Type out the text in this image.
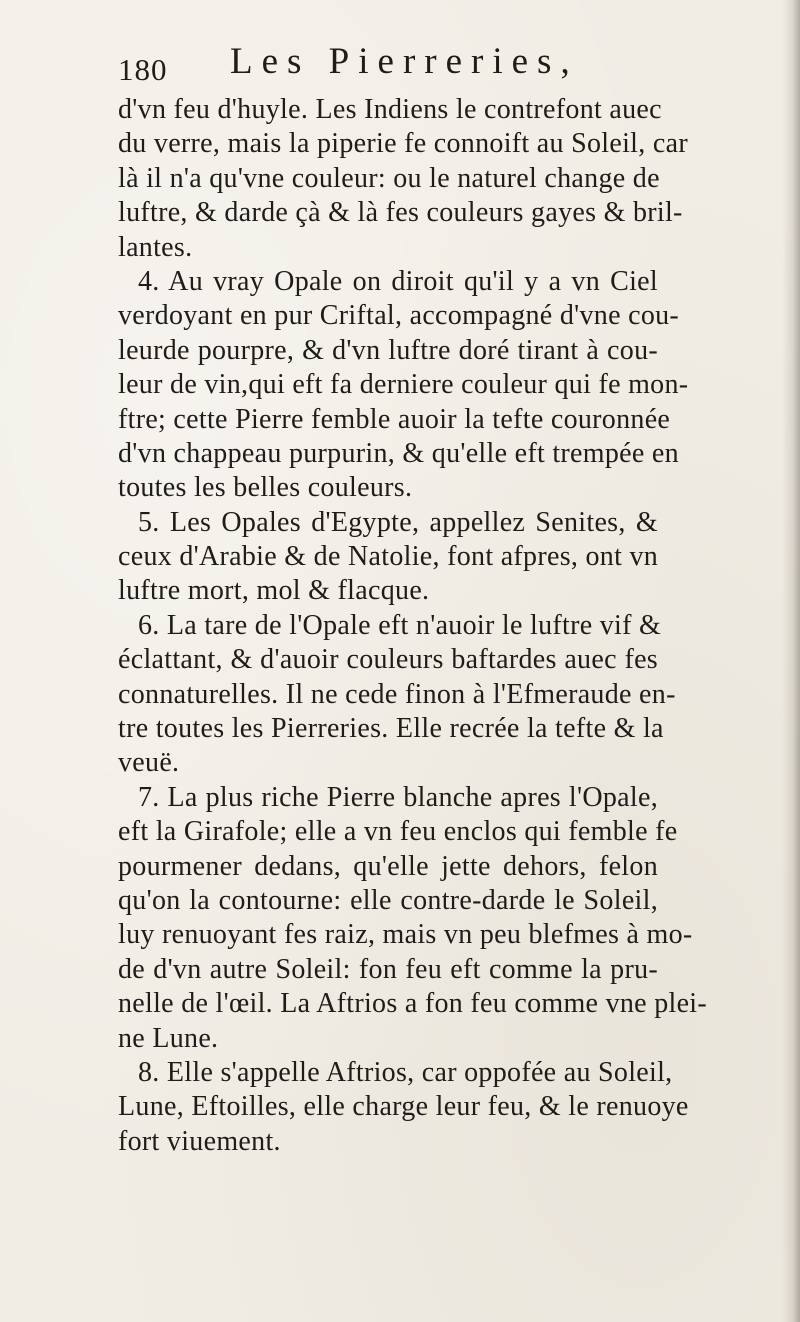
180 Les Pierreries,
d'vn feu d'huyle. Les Indiens le contrefont auec
du verre, mais la piperie fe connoift au Soleil, car
là il n'a qu'vne couleur: ou le naturel change de
luftre, & darde çà & là fes couleurs gayes & bril-
lantes.
4. Au vray Opale on diroit qu'il y a vn Ciel
verdoyant en pur Criftal, accompagné d'vne cou-
leurde pourpre, & d'vn luftre doré tirant à cou-
leur de vin,qui eft fa derniere couleur qui fe mon-
ftre; cette Pierre femble auoir la tefte couronnée
d'vn chappeau purpurin, & qu'elle eft trempée en
toutes les belles couleurs.
5. Les Opales d'Egypte, appellez Senites, &
ceux d'Arabie & de Natolie, font afpres, ont vn
luftre mort, mol & flacque.
6. La tare de l'Opale eft n'auoir le luftre vif &
éclattant, & d'auoir couleurs baftardes auec fes
connaturelles. Il ne cede finon à l'Efmeraude en-
tre toutes les Pierreries. Elle recrée la tefte & la
veuë.
7. La plus riche Pierre blanche apres l'Opale,
eft la Girafole; elle a vn feu enclos qui femble fe
pourmener dedans, qu'elle jette dehors, felon
qu'on la contourne: elle contre-darde le Soleil,
luy renuoyant fes raiz, mais vn peu blefmes à mo-
de d'vn autre Soleil: fon feu eft comme la pru-
nelle de l'œil. La Aftrios a fon feu comme vne plei-
ne Lune.
8. Elle s'appelle Aftrios, car oppofée au Soleil,
Lune, Eftoilles, elle charge leur feu, & le renuoye
fort viuement.
